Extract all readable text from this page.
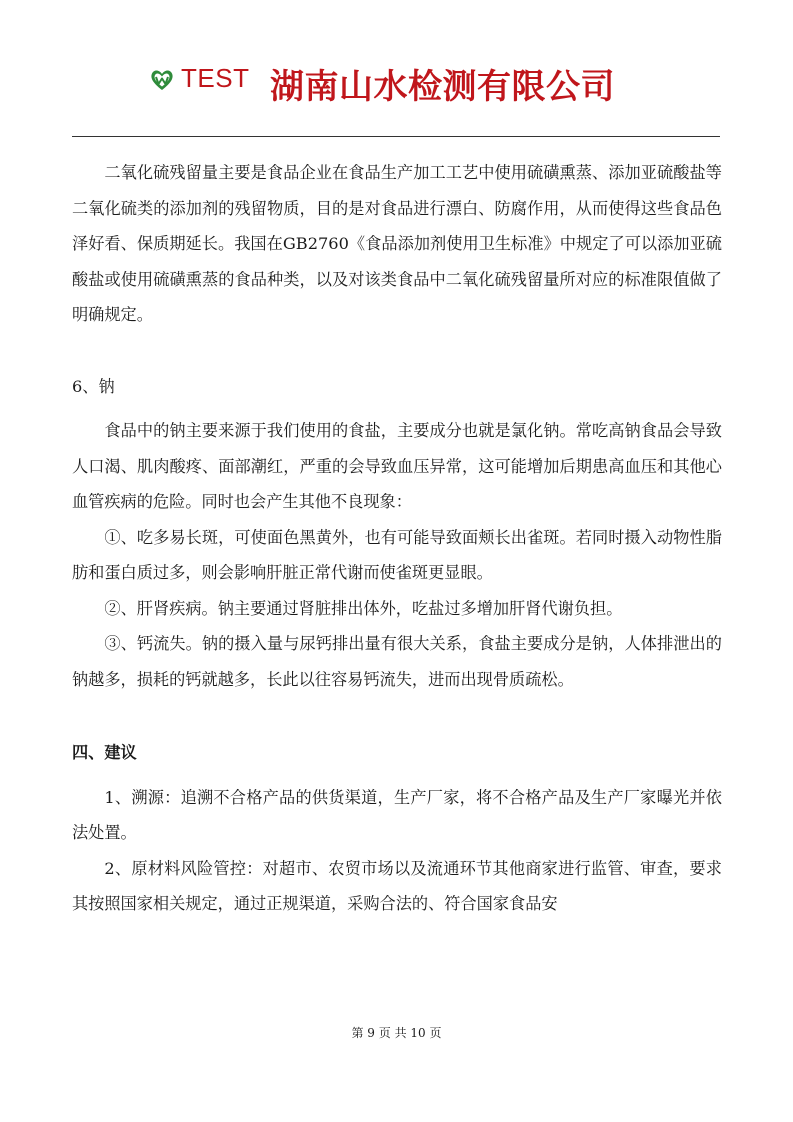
TEST 湖南山水检测有限公司

二氧化硫残留量主要是食品企业在食品生产加工工艺中使用硫磺熏蒸、添加亚硫酸盐等二氧化硫类的添加剂的残留物质，目的是对食品进行漂白、防腐作用，从而使得这些食品色泽好看、保质期延长。我国在GB2760《食品添加剂使用卫生标准》中规定了可以添加亚硫酸盐或使用硫磺熏蒸的食品种类，以及对该类食品中二氧化硫残留量所对应的标准限值做了明确规定。

6、钠

食品中的钠主要来源于我们使用的食盐，主要成分也就是氯化钠。常吃高钠食品会导致人口渴、肌肉酸疼、面部潮红，严重的会导致血压异常，这可能增加后期患高血压和其他心血管疾病的危险。同时也会产生其他不良现象：

①、吃多易长斑，可使面色黑黄外，也有可能导致面颊长出雀斑。若同时摄入动物性脂肪和蛋白质过多，则会影响肝脏正常代谢而使雀斑更显眼。

②、肝肾疾病。钠主要通过肾脏排出体外，吃盐过多增加肝肾代谢负担。

③、钙流失。钠的摄入量与尿钙排出量有很大关系，食盐主要成分是钠，人体排泄出的钠越多，损耗的钙就越多，长此以往容易钙流失，进而出现骨质疏松。

四、建议

1、溯源：追溯不合格产品的供货渠道，生产厂家，将不合格产品及生产厂家曝光并依法处置。

2、原材料风险管控：对超市、农贸市场以及流通环节其他商家进行监管、审查，要求其按照国家相关规定，通过正规渠道，采购合法的、符合国家食品安

第 9 页 共 10 页
